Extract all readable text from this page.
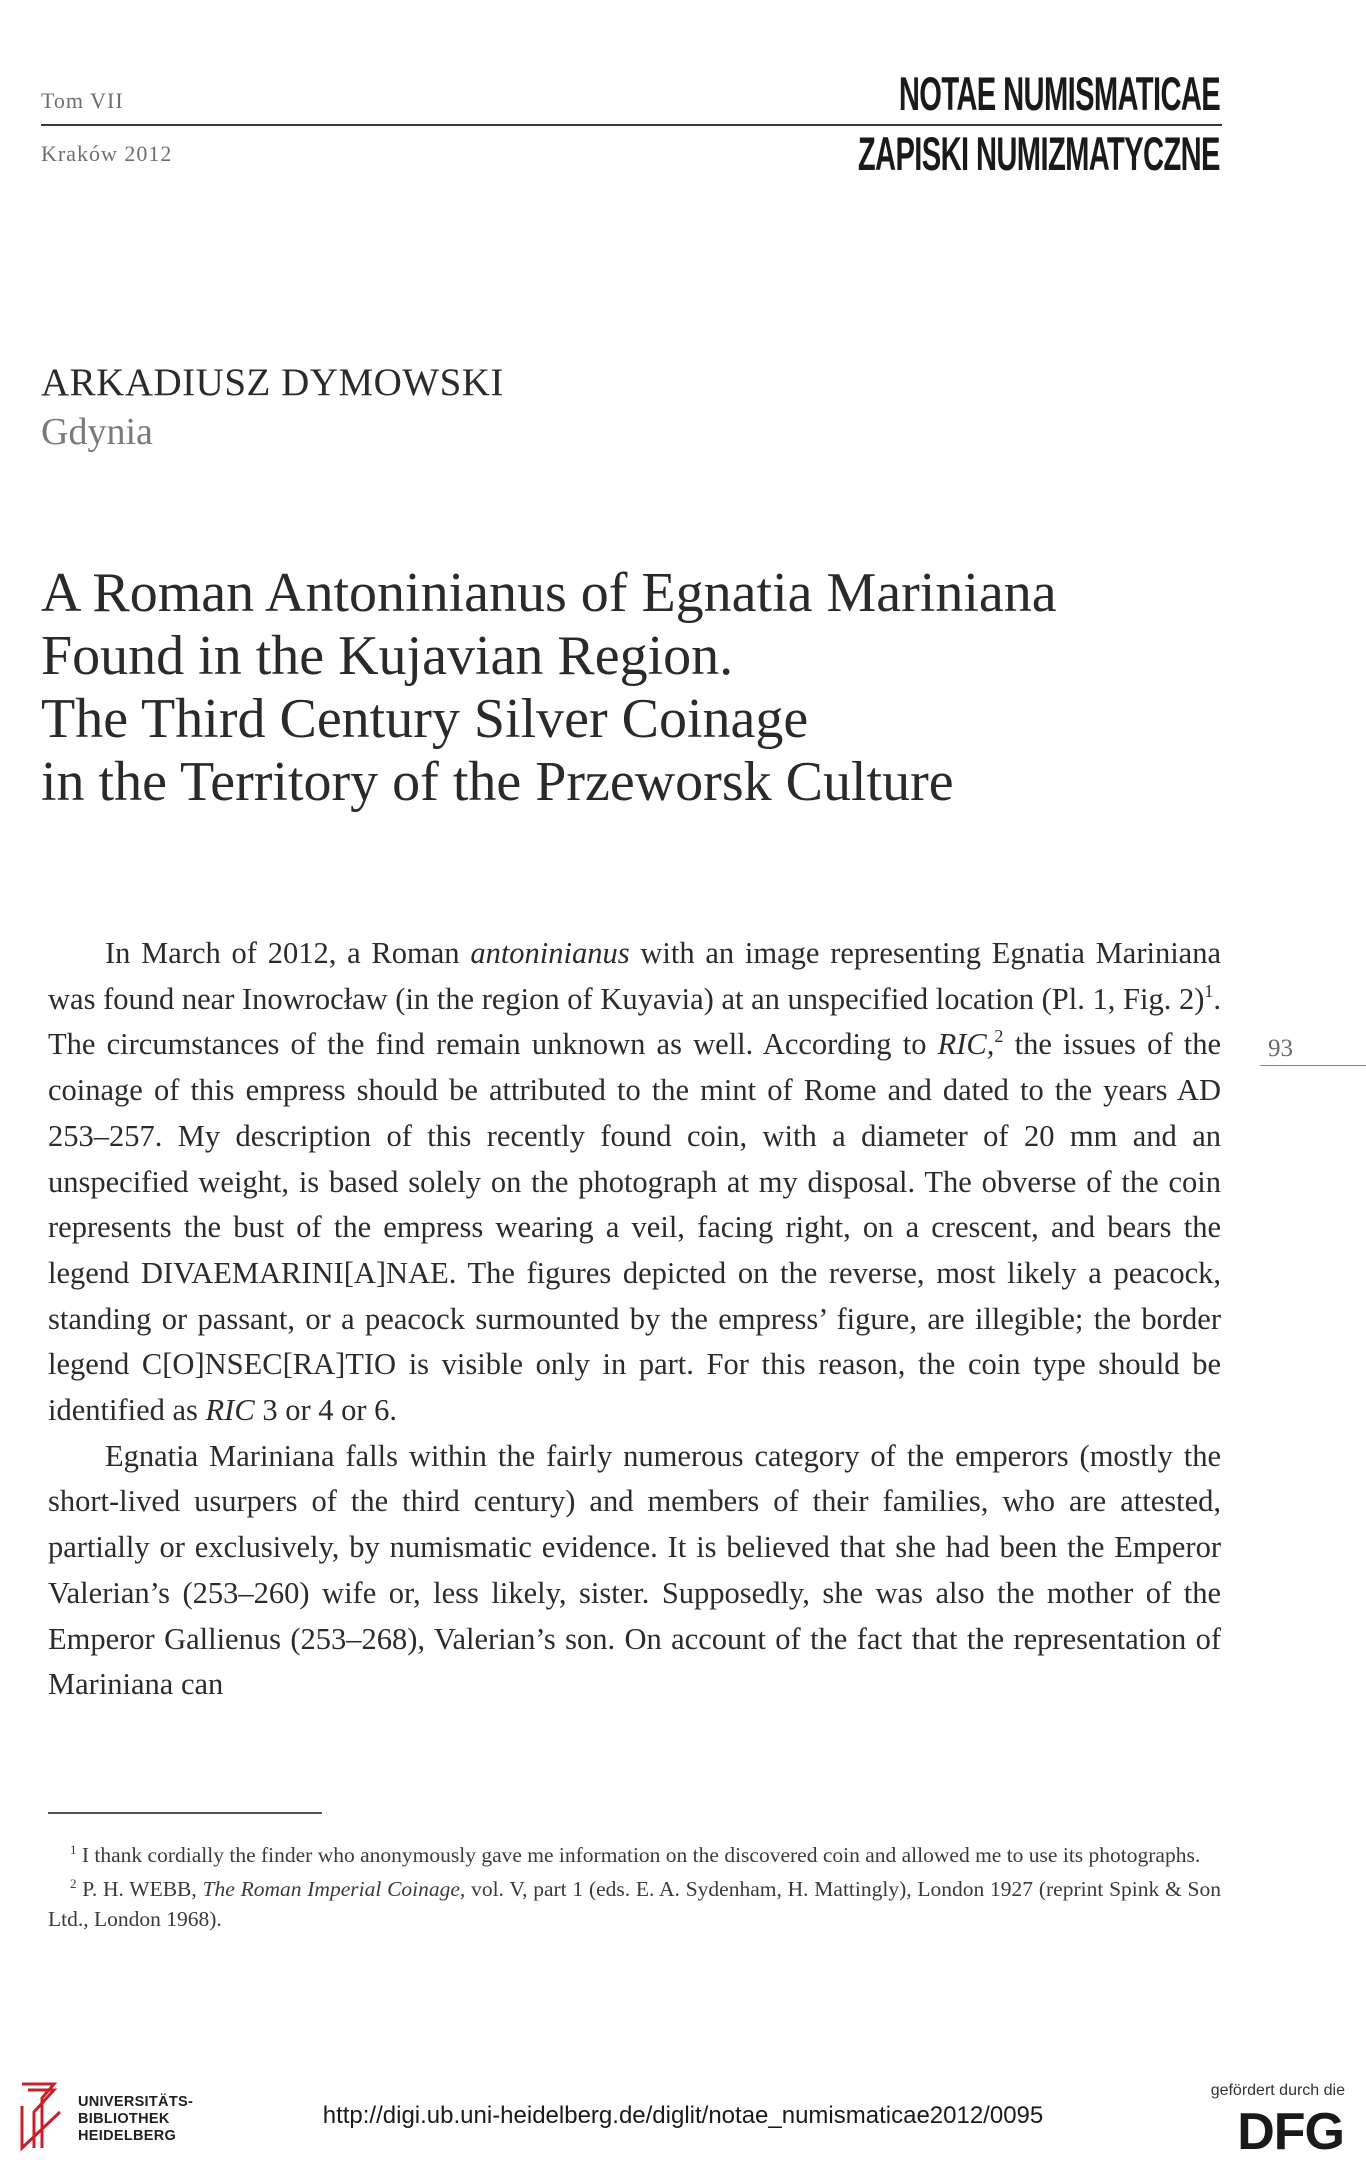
Tom VII
Kraków 2012
NOTAE NUMISMATICAE
ZAPISKI NUMIZMATYCZNE
ARKADIUSZ DYMOWSKI
Gdynia
A Roman Antoninianus of Egnatia Mariniana
Found in the Kujavian Region.
The Third Century Silver Coinage
in the Territory of the Przeworsk Culture
93

In March of 2012, a Roman antoninianus with an image representing Egnatia Mariniana was found near Inowrocław (in the region of Kuyavia) at an unspecified location (Pl. 1, Fig. 2)$^1$. The circumstances of the find remain unknown as well. According to RIC,$^2$ the issues of the coinage of this empress should be attributed to the mint of Rome and dated to the years AD 253–257. My description of this recently found coin, with a diameter of 20 mm and an unspecified weight, is based solely on the photograph at my disposal. The obverse of the coin represents the bust of the empress wearing a veil, facing right, on a crescent, and bears the legend DIVAEMARINI[A]NAE. The figures depicted on the reverse, most likely a peacock, standing or passant, or a peacock surmounted by the empress’ figure, are illegible; the border legend C[O]NSEC[RA]TIO is visible only in part. For this reason, the coin type should be identified as RIC 3 or 4 or 6.

Egnatia Mariniana falls within the fairly numerous category of the emperors (mostly the short-lived usurpers of the third century) and members of their families, who are attested, partially or exclusively, by numismatic evidence. It is believed that she had been the Emperor Valerian’s (253–260) wife or, less likely, sister. Supposedly, she was also the mother of the Emperor Gallienus (253–268), Valerian’s son. On account of the fact that the representation of Mariniana can

$^1$ I thank cordially the finder who anonymously gave me information on the discovered coin and allowed me to use its photographs.

$^2$ P. H. WEBB, The Roman Imperial Coinage, vol. V, part 1 (eds. E. A. Sydenham, H. Mattingly), London 1927 (reprint Spink & Son Ltd., London 1968).

UNIVERSITÄTS-
BIBLIOTHEK
HEIDELBERG
http://digi.ub.uni-heidelberg.de/diglit/notae_numismaticae2012/0095
gefördert durch die
DFG
